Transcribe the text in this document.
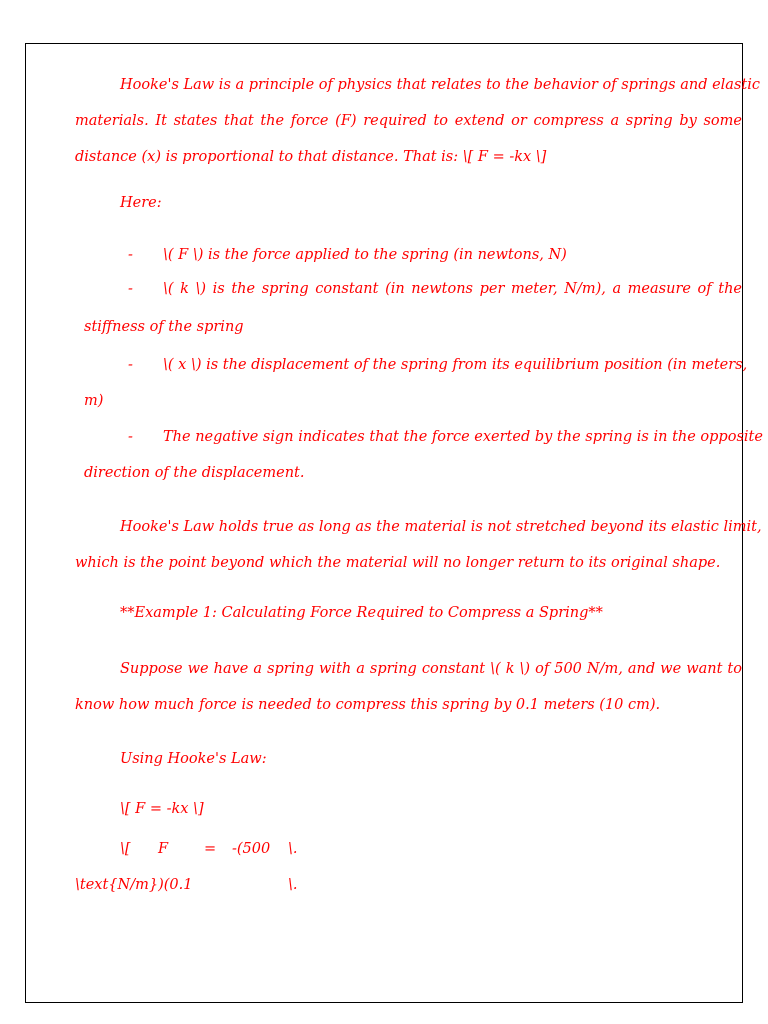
Hooke's Law is a principle of physics that relates to the behavior of springs and elastic
materials. It states that the force (F) required to extend or compress a spring by some
distance (x) is proportional to that distance. That is: \[ F = -kx \]
Here:
- \( F \) is the force applied to the spring (in newtons, N)
- \( k \) is the spring constant (in newtons per meter, N/m), a measure of the
stiffness of the spring
- \( x \) is the displacement of the spring from its equilibrium position (in meters,
m)
- The negative sign indicates that the force exerted by the spring is in the opposite
direction of the displacement.
Hooke's Law holds true as long as the material is not stretched beyond its elastic limit,
which is the point beyond which the material will no longer return to its original shape.
**Example 1: Calculating Force Required to Compress a Spring**
Suppose we have a spring with a spring constant \( k \) of 500 N/m, and we want to
know how much force is needed to compress this spring by 0.1 meters (10 cm).
Using Hooke's Law:
\[ F = -kx \]
\[ F = -(500 \.
\text{N/m})(0.1	\.
